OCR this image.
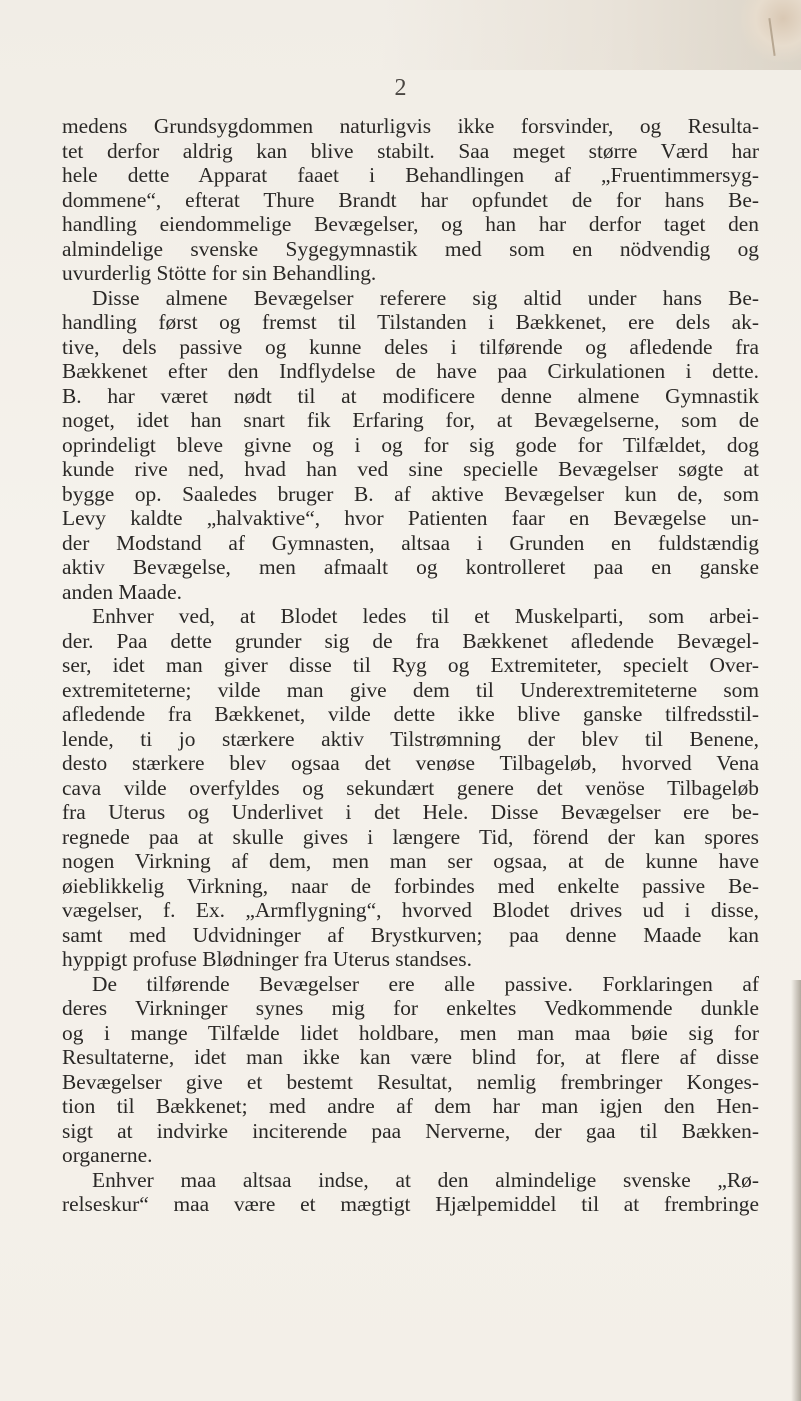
2

medens Grundsygdommen naturligvis ikke forsvinder, og Resulta-
tet derfor aldrig kan blive stabilt. Saa meget større Værd har
hele dette Apparat faaet i Behandlingen af „Fruentimmersyg-
dommene“, efterat Thure Brandt har opfundet de for hans Be-
handling eiendommelige Bevægelser, og han har derfor taget den
almindelige svenske Sygegymnastik med som en nödvendig og
uvurderlig Stötte for sin Behandling.
Disse almene Bevægelser referere sig altid under hans Be-
handling først og fremst til Tilstanden i Bækkenet, ere dels ak-
tive, dels passive og kunne deles i tilførende og afledende fra
Bækkenet efter den Indflydelse de have paa Cirkulationen i dette.
B. har været nødt til at modificere denne almene Gymnastik
noget, idet han snart fik Erfaring for, at Bevægelserne, som de
oprindeligt bleve givne og i og for sig gode for Tilfældet, dog
kunde rive ned, hvad han ved sine specielle Bevægelser søgte at
bygge op. Saaledes bruger B. af aktive Bevægelser kun de, som
Levy kaldte „halvaktive“, hvor Patienten faar en Bevægelse un-
der Modstand af Gymnasten, altsaa i Grunden en fuldstændig
aktiv Bevægelse, men afmaalt og kontrolleret paa en ganske
anden Maade.
Enhver ved, at Blodet ledes til et Muskelparti, som arbei-
der. Paa dette grunder sig de fra Bækkenet afledende Bevægel-
ser, idet man giver disse til Ryg og Extremiteter, specielt Over-
extremiteterne; vilde man give dem til Underextremiteterne som
afledende fra Bækkenet, vilde dette ikke blive ganske tilfredsstil-
lende, ti jo stærkere aktiv Tilstrømning der blev til Benene,
desto stærkere blev ogsaa det venøse Tilbageløb, hvorved Vena
cava vilde overfyldes og sekundært genere det venöse Tilbageløb
fra Uterus og Underlivet i det Hele. Disse Bevægelser ere be-
regnede paa at skulle gives i længere Tid, förend der kan spores
nogen Virkning af dem, men man ser ogsaa, at de kunne have
øieblikkelig Virkning, naar de forbindes med enkelte passive Be-
vægelser, f. Ex. „Armflygning“, hvorved Blodet drives ud i disse,
samt med Udvidninger af Brystkurven; paa denne Maade kan
hyppigt profuse Blødninger fra Uterus standses.
De tilførende Bevægelser ere alle passive. Forklaringen af
deres Virkninger synes mig for enkeltes Vedkommende dunkle
og i mange Tilfælde lidet holdbare, men man maa bøie sig for
Resultaterne, idet man ikke kan være blind for, at flere af disse
Bevægelser give et bestemt Resultat, nemlig frembringer Konges-
tion til Bækkenet; med andre af dem har man igjen den Hen-
sigt at indvirke inciterende paa Nerverne, der gaa til Bækken-
organerne.
Enhver maa altsaa indse, at den almindelige svenske „Rø-
relseskur“ maa være et mægtigt Hjælpemiddel til at frembringe
